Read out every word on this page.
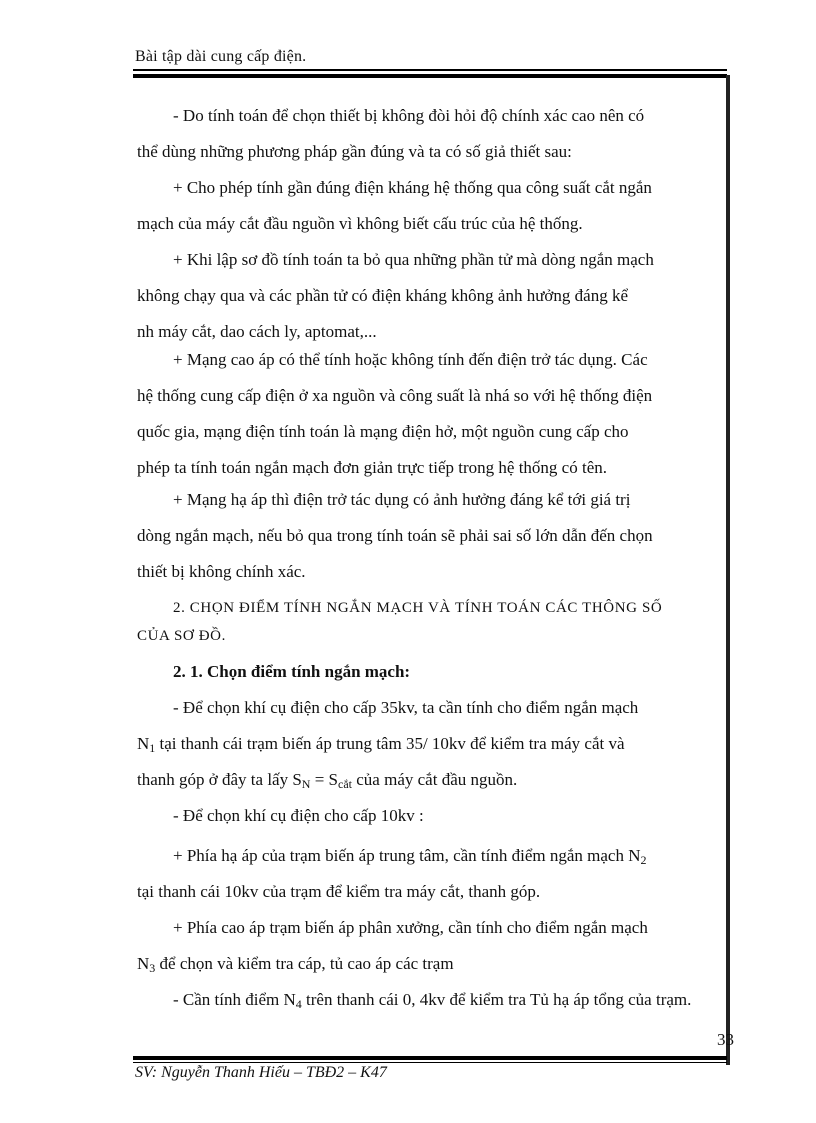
Bài tập dài cung cấp điện.
- Do tính toán để chọn thiết bị không đòi hỏi độ chính xác cao nên có
thể dùng những phương pháp gần đúng và ta có số giả thiết sau:
+ Cho phép tính gần đúng điện kháng hệ thống qua công suất cắt ngắn
mạch của máy cắt đầu nguồn vì không biết cấu trúc của hệ thống.
+ Khi lập sơ đồ tính toán ta bỏ qua những phần tử mà dòng ngắn mạch
không chạy qua và các phần tử có điện kháng không ảnh hưởng đáng kể
nh máy cắt, dao cách ly, aptomat,...
+ Mạng cao áp có thể tính hoặc không tính đến điện trở tác dụng. Các
hệ thống cung cấp điện ở xa nguồn và công suất là nhá so với hệ thống điện
quốc gia, mạng điện tính toán là mạng điện hở, một nguồn cung cấp cho
phép ta tính toán ngắn mạch đơn giản trực tiếp trong hệ thống có tên.
+ Mạng hạ áp thì điện trở tác dụng có ảnh hưởng đáng kể tới giá trị
dòng ngắn mạch, nếu bỏ qua trong tính toán sẽ phải sai số lớn dẫn đến chọn
thiết bị không chính xác.
2. CHỌN ĐIỂM TÍNH NGẮN MẠCH VÀ TÍNH TOÁN CÁC THÔNG SỐ
CỦA SƠ ĐỒ.
2. 1. Chọn điểm tính ngắn mạch:
- Để chọn khí cụ điện cho cấp 35kv, ta cần tính cho điểm ngắn mạch
$N_1$ tại thanh cái trạm biến áp trung tâm 35/ 10kv để kiểm tra máy cắt và
thanh góp ở đây ta lấy $S_N = S_{cắt}$ của máy cắt đầu nguồn.
- Để chọn khí cụ điện cho cấp 10kv :
+ Phía hạ áp của trạm biến áp trung tâm, cần tính điểm ngắn mạch $N_2$
tại thanh cái 10kv của trạm để kiểm tra máy cắt, thanh góp.
+ Phía cao áp trạm biến áp phân xưởng, cần tính cho điểm ngắn mạch
$N_3$ để chọn và kiểm tra cáp, tủ cao áp các trạm
- Cần tính điểm $N_4$ trên thanh cái 0, 4kv để kiểm tra Tủ hạ áp tổng của trạm.
33
SV: Nguyễn Thanh Hiếu – TBĐ2 – K47
